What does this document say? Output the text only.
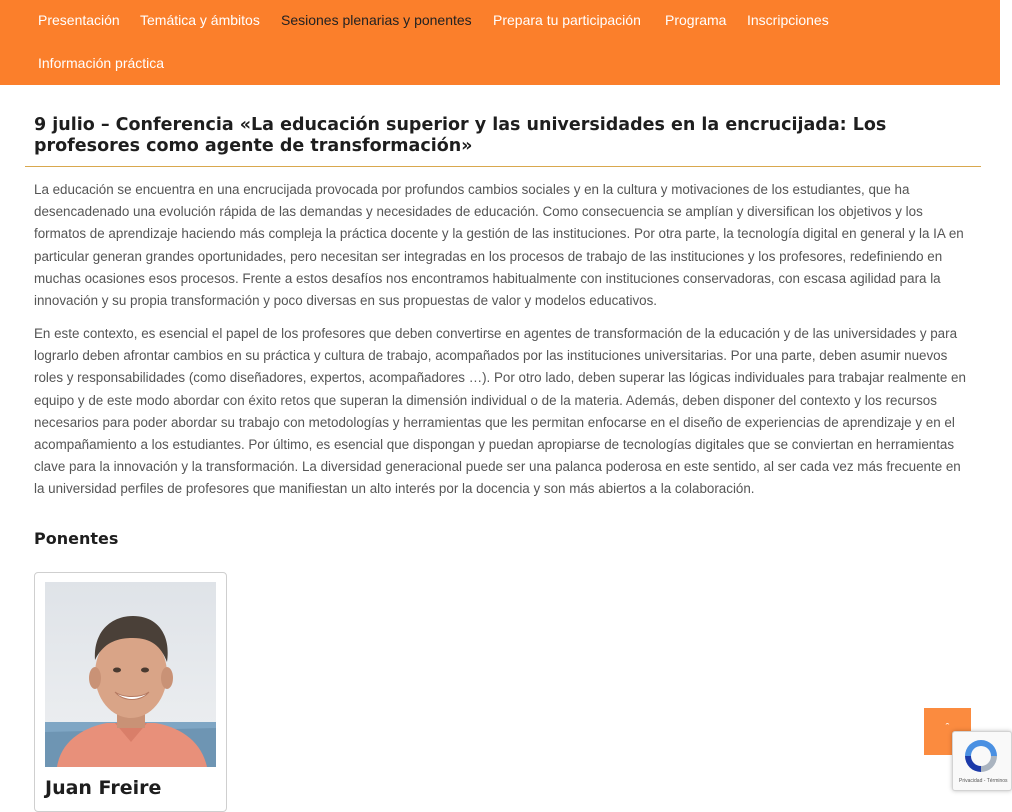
Presentación Temática y ámbitos Sesiones plenarias y ponentes Prepara tu participación Programa Inscripciones
Información práctica
9 julio – Conferencia «La educación superior y las universidades en la encrucijada: Los profesores como agente de transformación»

La educación se encuentra en una encrucijada provocada por profundos cambios sociales y en la cultura y motivaciones de los estudiantes, que ha desencadenado una evolución rápida de las demandas y necesidades de educación. Como consecuencia se amplían y diversifican los objetivos y los formatos de aprendizaje haciendo más compleja la práctica docente y la gestión de las instituciones. Por otra parte, la tecnología digital en general y la IA en particular generan grandes oportunidades, pero necesitan ser integradas en los procesos de trabajo de las instituciones y los profesores, redefiniendo en muchas ocasiones esos procesos. Frente a estos desafíos nos encontramos habitualmente con instituciones conservadoras, con escasa agilidad para la innovación y su propia transformación y poco diversas en sus propuestas de valor y modelos educativos.

En este contexto, es esencial el papel de los profesores que deben convertirse en agentes de transformación de la educación y de las universidades y para lograrlo deben afrontar cambios en su práctica y cultura de trabajo, acompañados por las instituciones universitarias. Por una parte, deben asumir nuevos roles y responsabilidades (como diseñadores, expertos, acompañadores …). Por otro lado, deben superar las lógicas individuales para trabajar realmente en equipo y de este modo abordar con éxito retos que superan la dimensión individual o de la materia. Además, deben disponer del contexto y los recursos necesarios para poder abordar su trabajo con metodologías y herramientas que les permitan enfocarse en el diseño de experiencias de aprendizaje y en el acompañamiento a los estudiantes. Por último, es esencial que dispongan y puedan apropiarse de tecnologías digitales que se conviertan en herramientas clave para la innovación y la transformación. La diversidad generacional puede ser una palanca poderosa en este sentido, al ser cada vez más frecuente en la universidad perfiles de profesores que manifiestan un alto interés por la docencia y son más abiertos a la colaboración.

Ponentes
Juan Freire
ˆ
Privacidad - Términos
